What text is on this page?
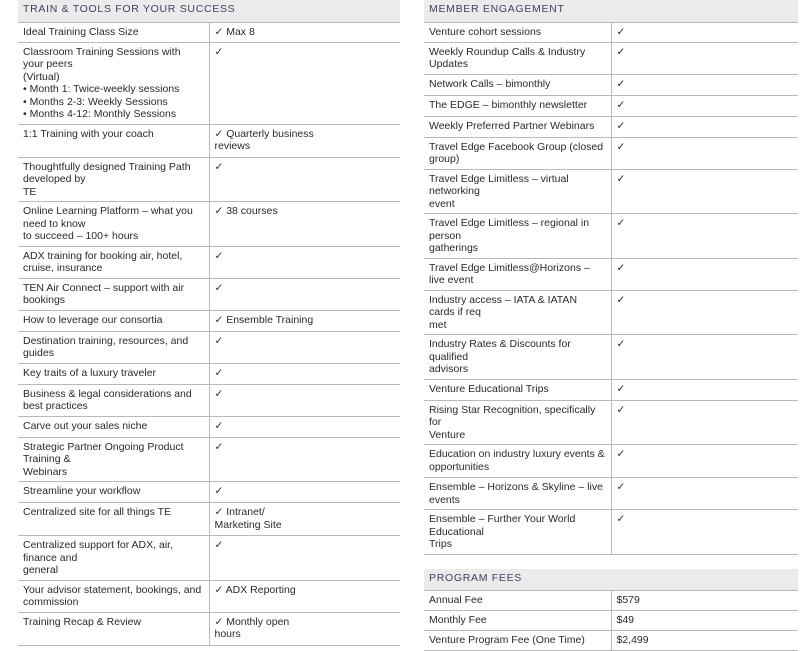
TRAIN & TOOLS FOR YOUR SUCCESS	

Ideal Training Class Size	✓ Max 8

Classroom Training Sessions with your peers
(Virtual)
• Month 1: Twice-weekly sessions
• Months 2-3: Weekly Sessions
• Months 4-12: Monthly Sessions	✓

1:1 Training with your coach	✓ Quarterly business
reviews

Thoughtfully designed Training Path developed by
TE	✓

Online Learning Platform – what you need to know
to succeed – 100+ hours	✓ 38 courses

ADX training for booking air, hotel, cruise, insurance	✓

TEN Air Connect – support with air bookings	✓

How to leverage our consortia	✓ Ensemble Training

Destination training, resources, and guides	✓

Key traits of a luxury traveler	✓

Business & legal considerations and best practices	✓

Carve out your sales niche	✓

Strategic Partner Ongoing Product Training &
Webinars	✓

Streamline your workflow	✓

Centralized site for all things TE	✓ Intranet/
Marketing Site

Centralized support for ADX, air, finance and
general	✓

Your advisor statement, bookings, and commission	✓ ADX Reporting

Training Recap & Review	✓ Monthly open
hours
MEMBER ENGAGEMENT	

Venture cohort sessions	✓

Weekly Roundup Calls & Industry Updates	✓

Network Calls – bimonthly	✓

The EDGE – bimonthly newsletter	✓

Weekly Preferred Partner Webinars	✓

Travel Edge Facebook Group (closed group)	✓

Travel Edge Limitless – virtual networking
event	✓

Travel Edge Limitless – regional in person
gatherings	✓

Travel Edge Limitless@Horizons – live event	✓

Industry access – IATA & IATAN cards if req
met	✓

Industry Rates & Discounts for qualified
advisors	✓

Venture Educational Trips	✓

Rising Star Recognition, specifically for
Venture	✓

Education on industry luxury events &
opportunities	✓

Ensemble – Horizons & Skyline – live events	✓

Ensemble – Further Your World Educational
Trips	✓

PROGRAM FEES	

Annual Fee	$579

Monthly Fee	$49

Venture Program Fee (One Time)	$2,499
